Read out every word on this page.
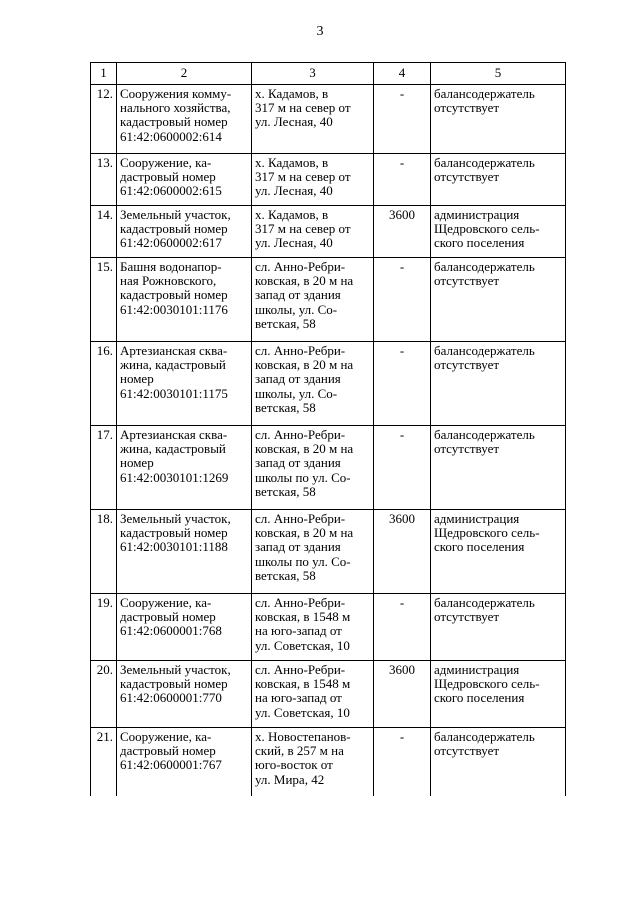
3
1	2	3	4	5
12.	Сооружения комму-
нального хозяйства,
кадастровый номер
61:42:0600002:614	х. Кадамов, в
317 м на север от
ул. Лесная, 40	-	балансодержатель
отсутствует
13.	Сооружение, ка-
дастровый номер
61:42:0600002:615	х. Кадамов, в
317 м на север от
ул. Лесная, 40	-	балансодержатель
отсутствует
14.	Земельный участок,
кадастровый номер
61:42:0600002:617	х. Кадамов, в
317 м на север от
ул. Лесная, 40	3600	администрация
Щедровского сель-
ского поселения
15.	Башня водонапор-
ная Рожновского,
кадастровый номер
61:42:0030101:1176	сл. Анно-Ребри-
ковская, в 20 м на
запад от здания
школы, ул. Со-
ветская, 58	-	балансодержатель
отсутствует
16.	Артезианская сква-
жина, кадастровый
номер
61:42:0030101:1175	сл. Анно-Ребри-
ковская, в 20 м на
запад от здания
школы, ул. Со-
ветская, 58	-	балансодержатель
отсутствует
17.	Артезианская сква-
жина, кадастровый
номер
61:42:0030101:1269	сл. Анно-Ребри-
ковская, в 20 м на
запад от здания
школы по ул. Со-
ветская, 58	-	балансодержатель
отсутствует
18.	Земельный участок,
кадастровый номер
61:42:0030101:1188	сл. Анно-Ребри-
ковская, в 20 м на
запад от здания
школы по ул. Со-
ветская, 58	3600	администрация
Щедровского сель-
ского поселения
19.	Сооружение, ка-
дастровый номер
61:42:0600001:768	сл. Анно-Ребри-
ковская, в 1548 м
на юго-запад от
ул. Советская, 10	-	балансодержатель
отсутствует
20.	Земельный участок,
кадастровый номер
61:42:0600001:770	сл. Анно-Ребри-
ковская, в 1548 м
на юго-запад от
ул. Советская, 10	3600	администрация
Щедровского сель-
ского поселения
21.	Сооружение, ка-
дастровый номер
61:42:0600001:767	х. Новостепанов-
ский, в 257 м на
юго-восток от
ул. Мира, 42	-	балансодержатель
отсутствует
